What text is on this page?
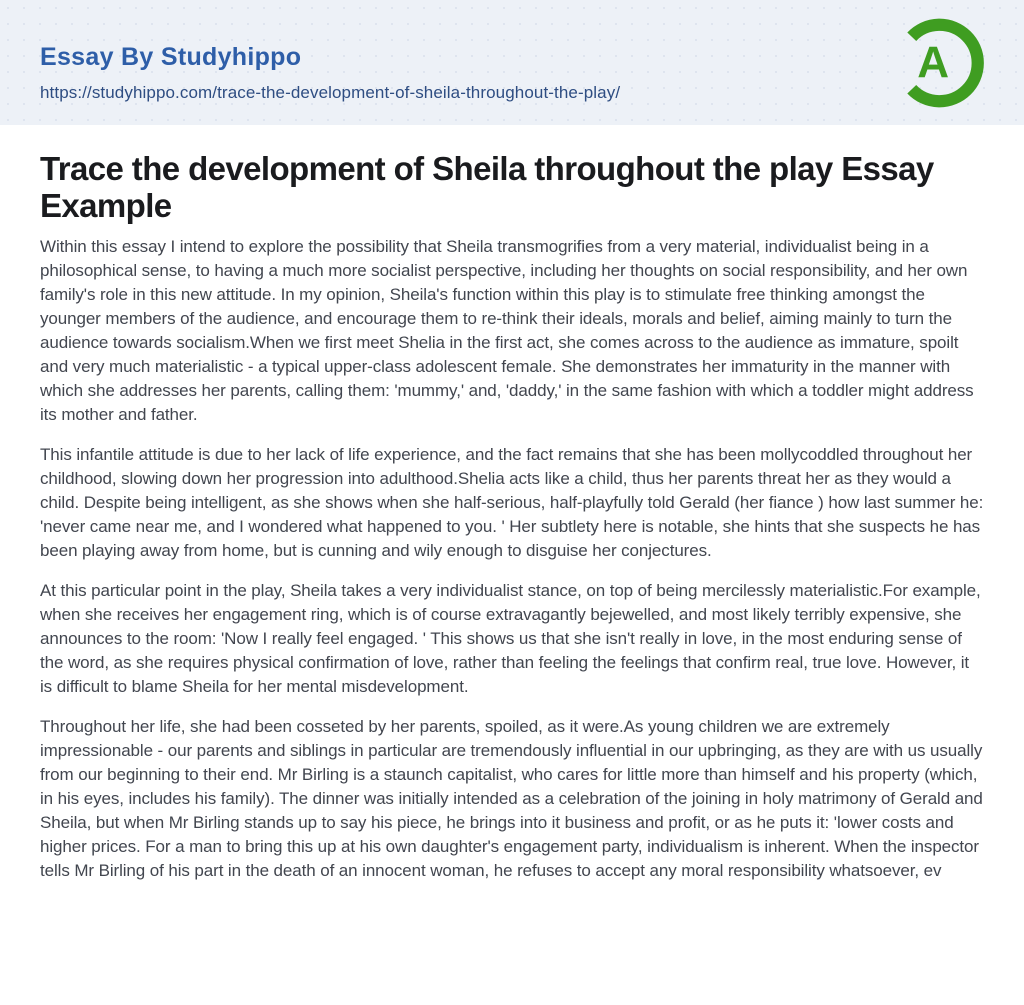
Essay By Studyhippo
https://studyhippo.com/trace-the-development-of-sheila-throughout-the-play/
A
Trace the development of Sheila throughout the play Essay Example

Within this essay I intend to explore the possibility that Sheila transmogrifies from a very material, individualist being in a philosophical sense, to having a much more socialist perspective, including her thoughts on social responsibility, and her own family's role in this new attitude. In my opinion, Sheila's function within this play is to stimulate free thinking amongst the younger members of the audience, and encourage them to re-think their ideals, morals and belief, aiming mainly to turn the audience towards socialism.When we first meet Shelia in the first act, she comes across to the audience as immature, spoilt and very much materialistic - a typical upper-class adolescent female. She demonstrates her immaturity in the manner with which she addresses her parents, calling them: 'mummy,' and, 'daddy,' in the same fashion with which a toddler might address its mother and father.

This infantile attitude is due to her lack of life experience, and the fact remains that she has been mollycoddled throughout her childhood, slowing down her progression into adulthood.Shelia acts like a child, thus her parents threat her as they would a child. Despite being intelligent, as she shows when she half-serious, half-playfully told Gerald (her fiance ) how last summer he: 'never came near me, and I wondered what happened to you. ' Her subtlety here is notable, she hints that she suspects he has been playing away from home, but is cunning and wily enough to disguise her conjectures.

At this particular point in the play, Sheila takes a very individualist stance, on top of being mercilessly materialistic.For example, when she receives her engagement ring, which is of course extravagantly bejewelled, and most likely terribly expensive, she announces to the room: 'Now I really feel engaged. ' This shows us that she isn't really in love, in the most enduring sense of the word, as she requires physical confirmation of love, rather than feeling the feelings that confirm real, true love. However, it is difficult to blame Sheila for her mental misdevelopment.

Throughout her life, she had been cosseted by her parents, spoiled, as it were.As young children we are extremely impressionable - our parents and siblings in particular are tremendously influential in our upbringing, as they are with us usually from our beginning to their end. Mr Birling is a staunch capitalist, who cares for little more than himself and his property (which, in his eyes, includes his family). The dinner was initially intended as a celebration of the joining in holy matrimony of Gerald and Sheila, but when Mr Birling stands up to say his piece, he brings into it business and profit, or as he puts it: 'lower costs and higher prices. For a man to bring this up at his own daughter's engagement party, individualism is inherent. When the inspector tells Mr Birling of his part in the death of an innocent woman, he refuses to accept any moral responsibility whatsoever, ev
